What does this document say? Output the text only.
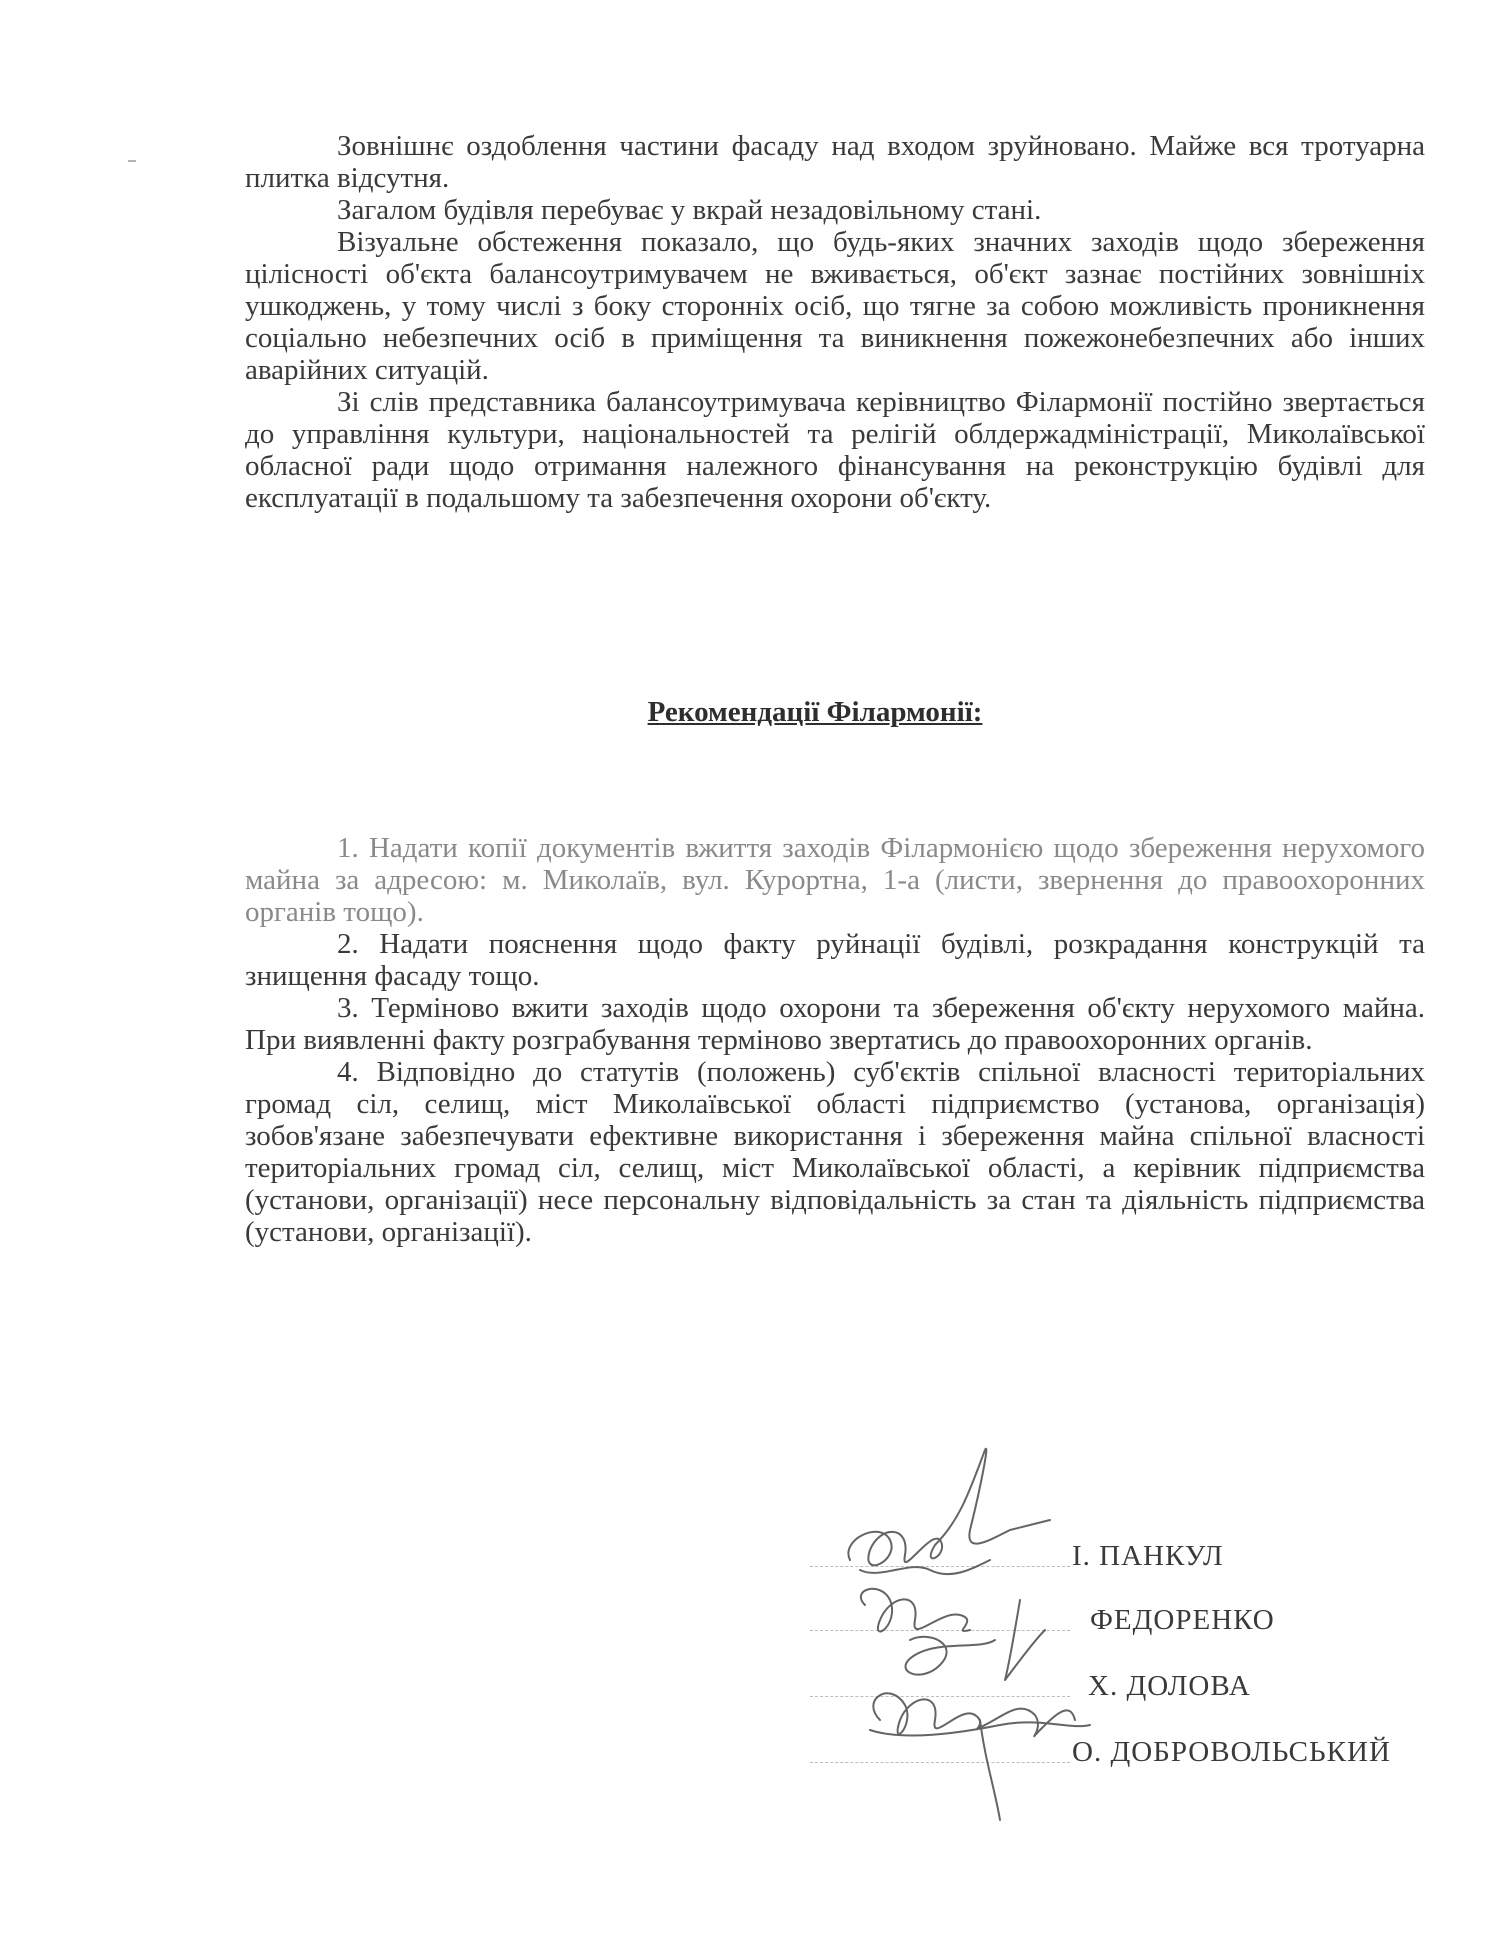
Зовнішнє оздоблення частини фасаду над входом зруйновано. Майже вся тротуарна плитка відсутня.

Загалом будівля перебуває у вкрай незадовільному стані.

Візуальне обстеження показало, що будь-яких значних заходів щодо збереження цілісності об'єкта балансоутримувачем не вживається, об'єкт зазнає постійних зовнішніх ушкоджень, у тому числі з боку сторонніх осіб, що тягне за собою можливість проникнення соціально небезпечних осіб в приміщення та виникнення пожежонебезпечних або інших аварійних ситуацій.

Зі слів представника балансоутримувача керівництво Філармонії постійно звертається до управління культури, національностей та релігій облдержадміністрації, Миколаївської обласної ради щодо отримання належного фінансування на реконструкцію будівлі для експлуатації в подальшому та забезпечення охорони об'єкту.

Рекомендації Філармонії:

1. Надати копії документів вжиття заходів Філармонією щодо збереження нерухомого майна за адресою: м. Миколаїв, вул. Курортна, 1-а (листи, звернення до правоохоронних органів тощо).

2. Надати пояснення щодо факту руйнації будівлі, розкрадання конструкцій та знищення фасаду тощо.

3. Терміново вжити заходів щодо охорони та збереження об'єкту нерухомого майна. При виявленні факту розграбування терміново звертатись до правоохоронних органів.

4. Відповідно до статутів (положень) суб'єктів спільної власності територіальних громад сіл, селищ, міст Миколаївської області підприємство (установа, організація) зобов'язане забезпечувати ефективне використання і збереження майна спільної власності територіальних громад сіл, селищ, міст Миколаївської області, а керівник підприємства (установи, організації) несе персональну відповідальність за стан та діяльність підприємства (установи, організації).

І. ПАНКУЛ
ФЕДОРЕНКО
Х. ДОЛОВА
О. ДОБРОВОЛЬСЬКИЙ
